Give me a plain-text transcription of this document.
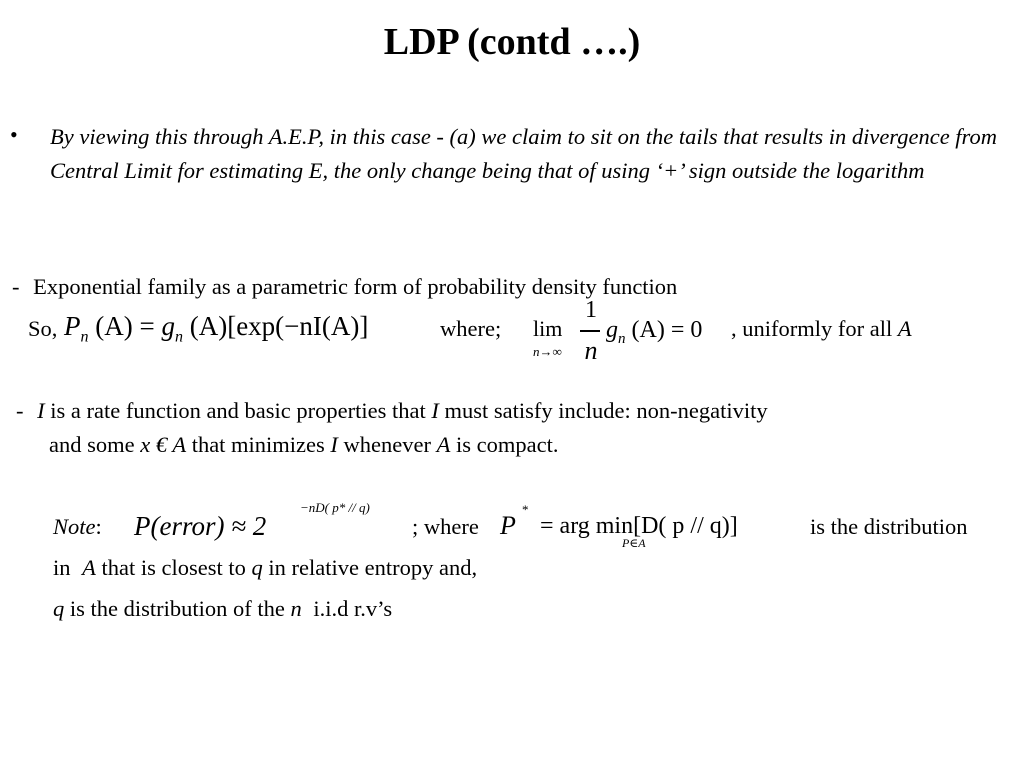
LDP (contd ….)
• By viewing this through A.E.P, in this case - (a) we claim to sit on the tails that results in divergence from Central Limit for estimating E, the only change being that of using ‘+’ sign outside the logarithm
- Exponential family as a parametric form of probability density function
So, $P_n$ $(A) = g_n$ (A)[exp(−nI(A)]	where; lim
n→∞
1
n
$g_n$ (A) = 0 , uniformly for all A
- I is a rate function and basic properties that I must satisfy include: non-negativity
and some x € A that minimizes I whenever A is compact.
Note: P(error) ≈ 2
−nD( p* // q)
; where P
*
= arg min[D( p // q)]
P∈A
is the distribution
in A that is closest to q in relative entropy and,
q is the distribution of the n i.i.d r.v’s
